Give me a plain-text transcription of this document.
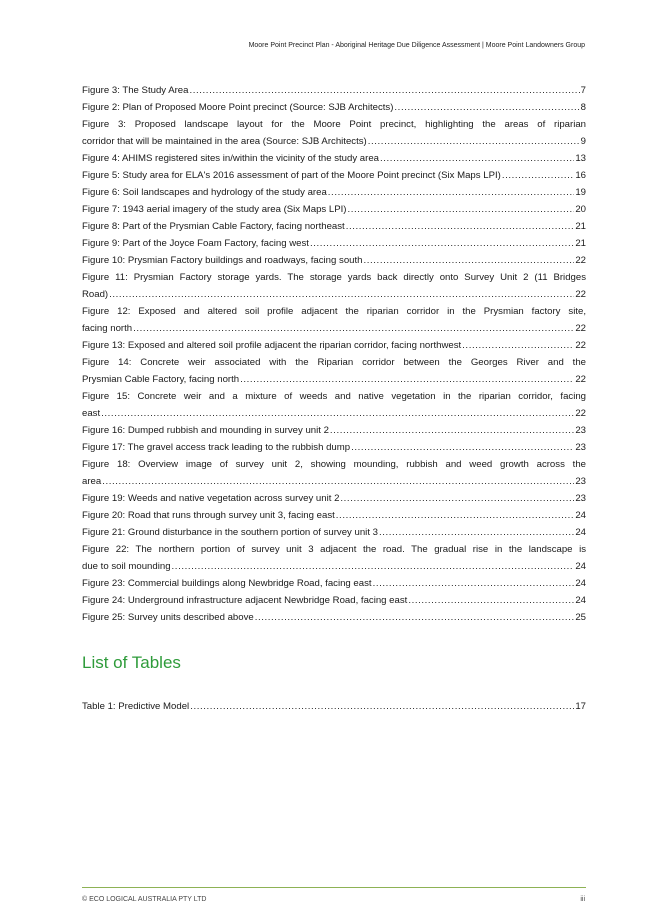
Moore Point Precinct Plan - Aboriginal Heritage Due Diligence Assessment | Moore Point Landowners Group
Figure 3: The Study Area .....	7
Figure 2: Plan of Proposed Moore Point precinct (Source: SJB Architects) .....	8
Figure 3: Proposed landscape layout for the Moore Point precinct, highlighting the areas of riparian
corridor that will be maintained in the area (Source: SJB Architects) .....	9
Figure 4: AHIMS registered sites in/within the vicinity of the study area .....	13
Figure 5: Study area for ELA's 2016 assessment of part of the Moore Point precinct (Six Maps LPI) .....	16
Figure 6: Soil landscapes and hydrology of the study area .....	19
Figure 7: 1943 aerial imagery of the study area (Six Maps LPI) .....	20
Figure 8: Part of the Prysmian Cable Factory, facing northeast .....	21
Figure 9: Part of the Joyce Foam Factory, facing west .....	21
Figure 10: Prysmian Factory buildings and roadways, facing south .....	22
Figure 11: Prysmian Factory storage yards. The storage yards back directly onto Survey Unit 2 (11 Bridges
Road) .....	22
Figure 12: Exposed and altered soil profile adjacent the riparian corridor in the Prysmian factory site,
facing north .....	22
Figure 13: Exposed and altered soil profile adjacent the riparian corridor, facing northwest .....	22
Figure 14: Concrete weir associated with the Riparian corridor between the Georges River and the
Prysmian Cable Factory, facing north .....	22
Figure 15: Concrete weir and a mixture of weeds and native vegetation in the riparian corridor, facing
east .....	22
Figure 16: Dumped rubbish and mounding in survey unit 2 .....	23
Figure 17: The gravel access track leading to the rubbish dump .....	23
Figure 18: Overview image of survey unit 2, showing mounding, rubbish and weed growth across the
area .....	23
Figure 19: Weeds and native vegetation across survey unit 2 .....	23
Figure 20: Road that runs through survey unit 3, facing east .....	24
Figure 21: Ground disturbance in the southern portion of survey unit 3 .....	24
Figure 22: The northern portion of survey unit 3 adjacent the road. The gradual rise in the landscape is
due to soil mounding .....	24
Figure 23: Commercial buildings along Newbridge Road, facing east .....	24
Figure 24: Underground infrastructure adjacent Newbridge Road, facing east .....	24
Figure 25: Survey units described above .....	25
List of Tables
Table 1: Predictive Model .....	17
© ECO LOGICAL AUSTRALIA PTY LTD	iii
